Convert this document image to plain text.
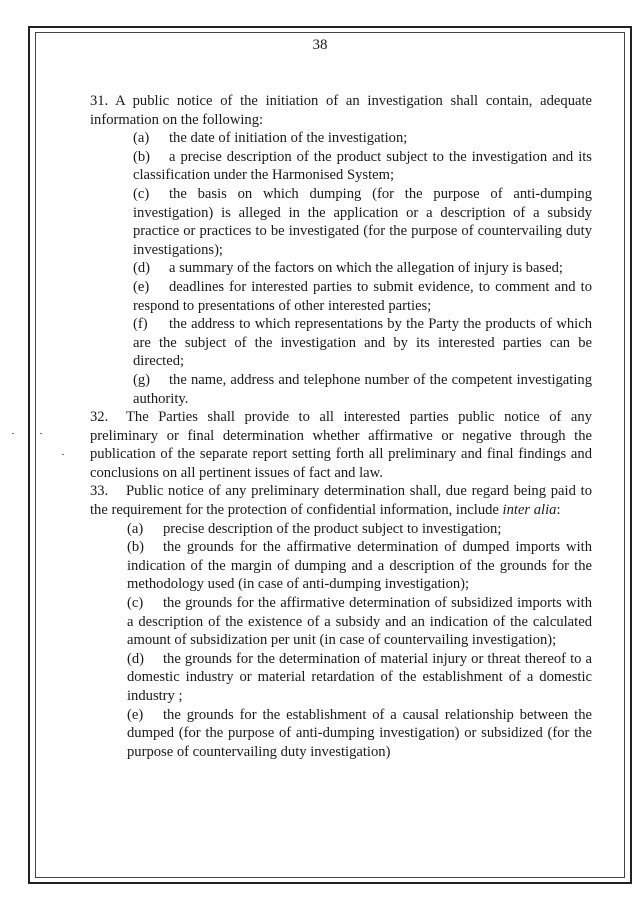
38

31. A public notice of the initiation of an investigation shall contain, adequate information on the following:

(a) the date of initiation of the investigation;

(b) a precise description of the product subject to the investigation and its classification under the Harmonised System;

(c) the basis on which dumping (for the purpose of anti-dumping investigation) is alleged in the application or a description of a subsidy practice or practices to be investigated (for the purpose of countervailing duty investigations);

(d) a summary of the factors on which the allegation of injury is based;

(e) deadlines for interested parties to submit evidence, to comment and to respond to presentations of other interested parties;

(f) the address to which representations by the Party the products of which are the subject of the investigation and by its interested parties can be directed;

(g) the name, address and telephone number of the competent investigating authority.

32. The Parties shall provide to all interested parties public notice of any preliminary or final determination whether affirmative or negative through the publication of the separate report setting forth all preliminary and final findings and conclusions on all pertinent issues of fact and law.

33. Public notice of any preliminary determination shall, due regard being paid to the requirement for the protection of confidential information, include inter alia:

(a) precise description of the product subject to investigation;

(b) the grounds for the affirmative determination of dumped imports with indication of the margin of dumping and a description of the grounds for the methodology used (in case of anti-dumping investigation);

(c) the grounds for the affirmative determination of subsidized imports with a description of the existence of a subsidy and an indication of the calculated amount of subsidization per unit (in case of countervailing investigation);

(d) the grounds for the determination of material injury or threat thereof to a domestic industry or material retardation of the establishment of a domestic industry ;

(e) the grounds for the establishment of a causal relationship between the dumped (for the purpose of anti-dumping investigation) or subsidized (for the purpose of countervailing duty investigation)
